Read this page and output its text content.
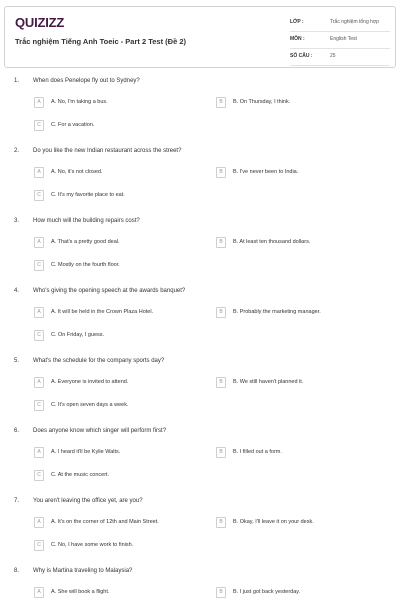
QUIZIZZ
Trắc nghiệm Tiếng Anh Toeic - Part 2 Test (Đề 2)
LỚP :	Trắc nghiệm tổng hợp
MÔN :	English Test
SỐ CÂU :	25
1. When does Penelope fly out to Sydney?
A	A. No, I'm taking a bus.	B	B. On Thursday, I think.
C	C. For a vacation.
2. Do you like the new Indian restaurant across the street?
A	A. No, it's not closed.	B	B. I've never been to India.
C	C. It's my favorite place to eat.
3. How much will the building repairs cost?
A	A. That's a pretty good deal.	B	B. At least ten thousand dollars.
C	C. Mostly on the fourth floor.
4. Who's giving the opening speech at the awards banquet?
A	A. It will be held in the Crown Plaza Hotel.	B	B. Probably the marketing manager.
C	C. On Friday, I guess.
5. What's the schedule for the company sports day?
A	A. Everyone is invited to attend.	B	B. We still haven't planned it.
C	C. It's open seven days a week.
6. Does anyone know which singer will perform first?
A	A. I heard it'll be Kylie Walts.	B	B. I filled out a form.
C	C. At the music concert.
7. You aren't leaving the office yet, are you?
A	A. It's on the corner of 12th and Main Street.	B	B. Okay, I'll leave it on your desk.
C	C. No, I have some work to finish.
8. Why is Martina traveling to Malaysia?
A	A. She will book a flight.	B	B. I just got back yesterday.
